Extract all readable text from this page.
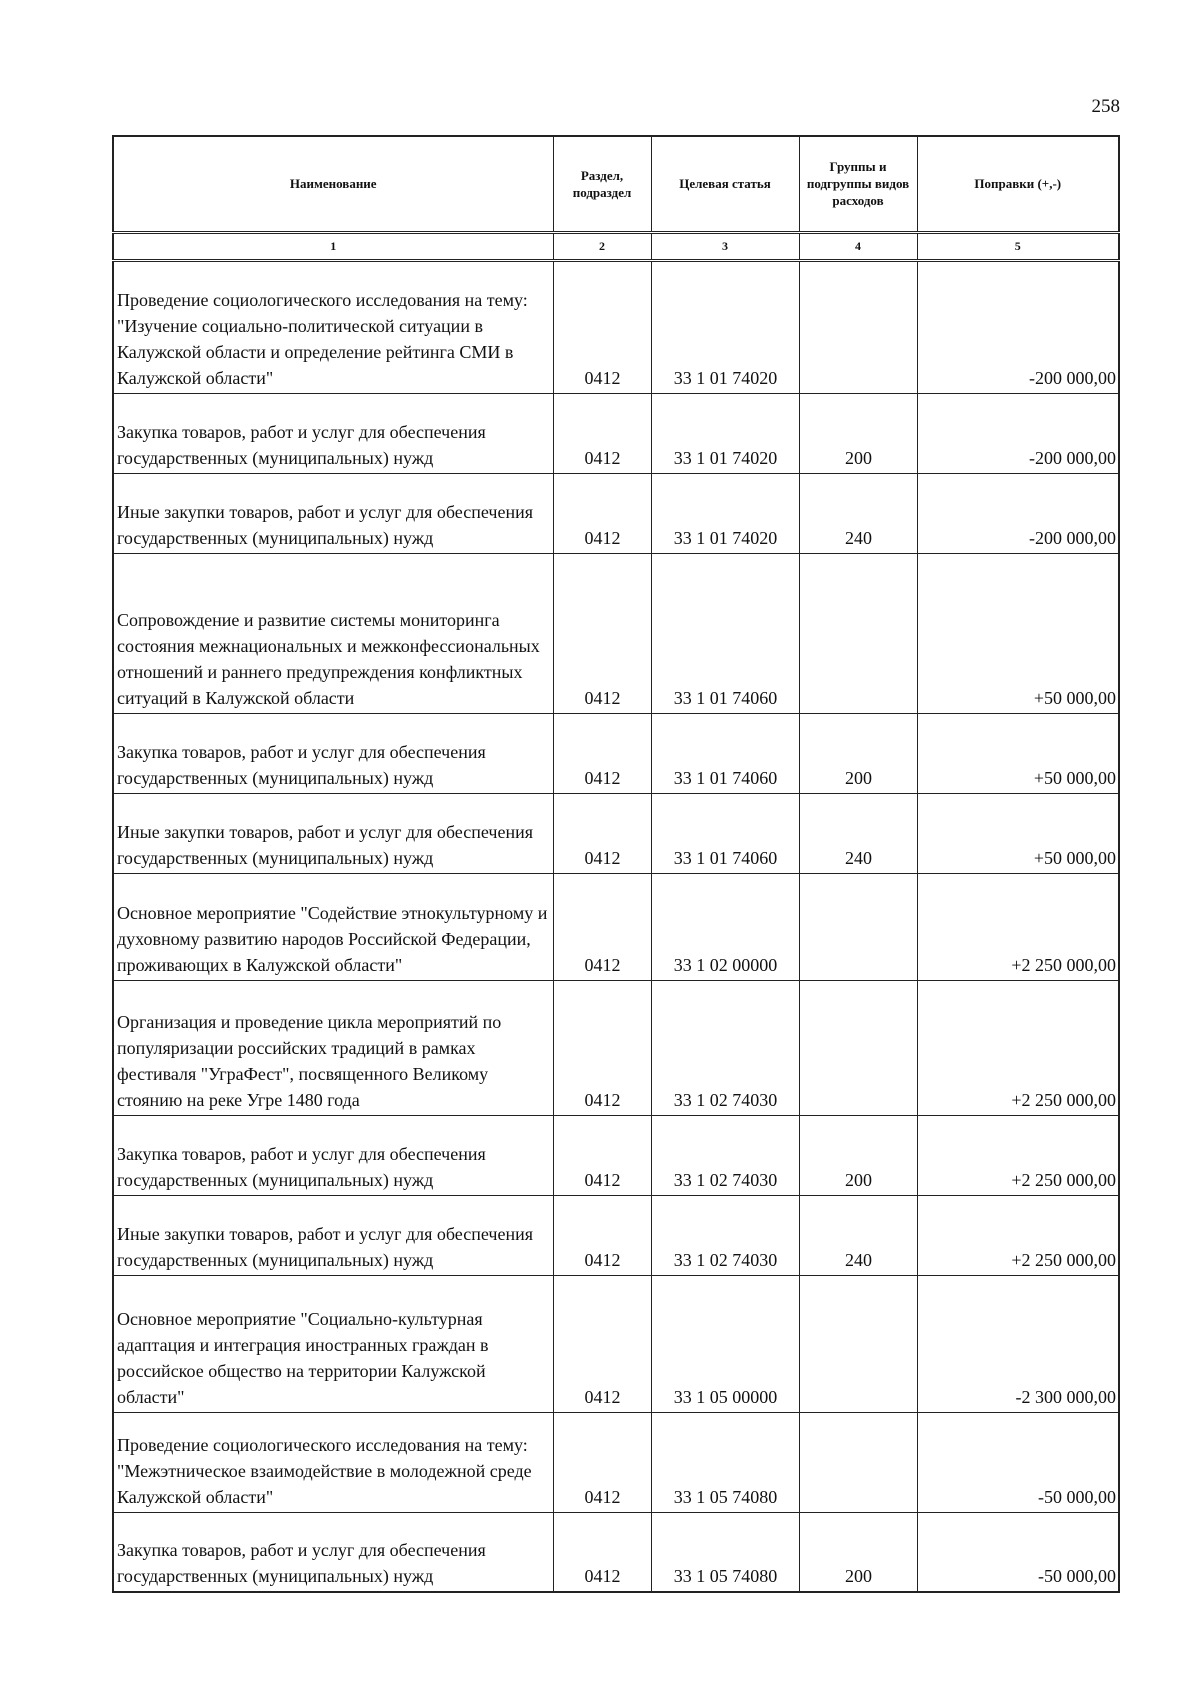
258
Наименование	Раздел, подраздел	Целевая статья	Группы и подгруппы видов расходов	Поправки (+,-)
1	2	3	4	5
Проведение социологического исследования на тему: "Изучение социально-политической ситуации в Калужской области и определение рейтинга СМИ в Калужской области"	0412	33 1 01 74020		-200 000,00
Закупка товаров, работ и услуг для обеспечения государственных (муниципальных) нужд	0412	33 1 01 74020	200	-200 000,00
Иные закупки товаров, работ и услуг для обеспечения государственных (муниципальных) нужд	0412	33 1 01 74020	240	-200 000,00
Сопровождение и развитие системы мониторинга состояния межнациональных и межконфессиональных отношений и раннего предупреждения конфликтных ситуаций в Калужской области	0412	33 1 01 74060		+50 000,00
Закупка товаров, работ и услуг для обеспечения государственных (муниципальных) нужд	0412	33 1 01 74060	200	+50 000,00
Иные закупки товаров, работ и услуг для обеспечения государственных (муниципальных) нужд	0412	33 1 01 74060	240	+50 000,00
Основное мероприятие "Содействие этнокультурному и духовному развитию народов Российской Федерации, проживающих в Калужской области"	0412	33 1 02 00000		+2 250 000,00
Организация и проведение цикла мероприятий по популяризации российских традиций в рамках фестиваля "УграФест", посвященного Великому стоянию на реке Угре 1480 года	0412	33 1 02 74030		+2 250 000,00
Закупка товаров, работ и услуг для обеспечения государственных (муниципальных) нужд	0412	33 1 02 74030	200	+2 250 000,00
Иные закупки товаров, работ и услуг для обеспечения государственных (муниципальных) нужд	0412	33 1 02 74030	240	+2 250 000,00
Основное мероприятие "Социально-культурная адаптация и интеграция иностранных граждан в российское общество на территории Калужской области"	0412	33 1 05 00000		-2 300 000,00
Проведение социологического исследования на тему: "Межэтническое взаимодействие в молодежной среде Калужской области"	0412	33 1 05 74080		-50 000,00
Закупка товаров, работ и услуг для обеспечения государственных (муниципальных) нужд	0412	33 1 05 74080	200	-50 000,00
